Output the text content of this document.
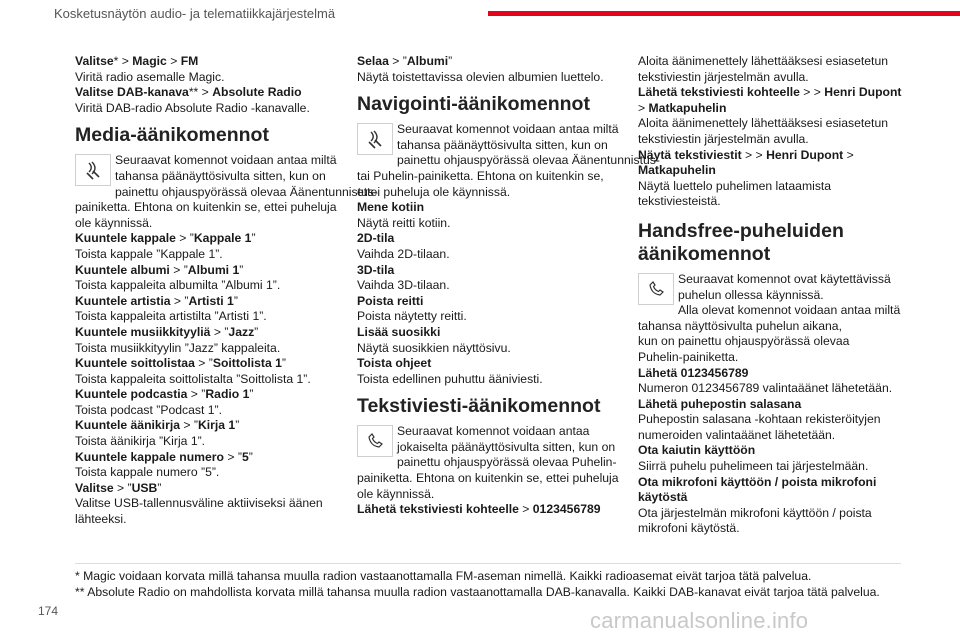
Kosketusnäytön audio- ja telematiikkajärjestelmä
Valitse* > Magic > FM
Viritä radio asemalle Magic.
Valitse DAB-kanava** > Absolute Radio
Viritä DAB-radio Absolute Radio -kanavalle.
Media-äänikomennot
Seuraavat komennot voidaan antaa miltä
tahansa päänäyttösivulta sitten, kun on
painettu ohjauspyörässä olevaa Äänentunnistus-
painiketta. Ehtona on kuitenkin se, ettei puheluja
ole käynnissä.
Kuuntele kappale > ”Kappale 1”
Toista kappale ”Kappale 1”.
Kuuntele albumi > ”Albumi 1”
Toista kappaleita albumilta ”Albumi 1”.
Kuuntele artistia > ”Artisti 1”
Toista kappaleita artistilta ”Artisti 1”.
Kuuntele musiikkityyliä > ”Jazz”
Toista musiikkityylin ”Jazz” kappaleita.
Kuuntele soittolistaa > ”Soittolista 1”
Toista kappaleita soittolistalta ”Soittolista 1”.
Kuuntele podcastia > ”Radio 1”
Toista podcast ”Podcast 1”.
Kuuntele äänikirja > ”Kirja 1”
Toista äänikirja ”Kirja 1”.
Kuuntele kappale numero > ”5”
Toista kappale numero ”5”.
Valitse > ”USB”
Valitse USB-tallennusväline aktiiviseksi äänen
lähteeksi.
Selaa > ”Albumi”
Näytä toistettavissa olevien albumien luettelo.
Navigointi-äänikomennot
Seuraavat komennot voidaan antaa miltä
tahansa päänäyttösivulta sitten, kun on
painettu ohjauspyörässä olevaa Äänentunnistus-
tai Puhelin-painiketta. Ehtona on kuitenkin se,
ettei puheluja ole käynnissä.
Mene kotiin
Näytä reitti kotiin.
2D-tila
Vaihda 2D-tilaan.
3D-tila
Vaihda 3D-tilaan.
Poista reitti
Poista näytetty reitti.
Lisää suosikki
Näytä suosikkien näyttösivu.
Toista ohjeet
Toista edellinen puhuttu ääniviesti.
Tekstiviesti-äänikomennot
Seuraavat komennot voidaan antaa
jokaiselta päänäyttösivulta sitten, kun on
painettu ohjauspyörässä olevaa Puhelin-
painiketta. Ehtona on kuitenkin se, ettei puheluja
ole käynnissä.
Lähetä tekstiviesti kohteelle > 0123456789
Aloita äänimenettely lähettääksesi esiasetetun
tekstiviestin järjestelmän avulla.
Lähetä tekstiviesti kohteelle > > Henri Dupont
> Matkapuhelin
Aloita äänimenettely lähettääksesi esiasetetun
tekstiviestin järjestelmän avulla.
Näytä tekstiviestit > > Henri Dupont >
Matkapuhelin
Näytä luettelo puhelimen lataamista
tekstiviesteistä.
Handsfree-puheluiden
äänikomennot
Seuraavat komennot ovat käytettävissä
puhelun ollessa käynnissä.
Alla olevat komennot voidaan antaa miltä
tahansa näyttösivulta puhelun aikana,
kun on painettu ohjauspyörässä olevaa
Puhelin-painiketta.
Lähetä 0123456789
Numeron 0123456789 valintaäänet lähetetään.
Lähetä puhepostin salasana
Puhepostin salasana -kohtaan rekisteröityjen
numeroiden valintaäänet lähetetään.
Ota kaiutin käyttöön
Siirrä puhelu puhelimeen tai järjestelmään.
Ota mikrofoni käyttöön / poista mikrofoni
käytöstä
Ota järjestelmän mikrofoni käyttöön / poista
mikrofoni käytöstä.
* Magic voidaan korvata millä tahansa muulla radion vastaanottamalla FM-aseman nimellä. Kaikki radioasemat eivät tarjoa tätä palvelua.
** Absolute Radio on mahdollista korvata millä tahansa muulla radion vastaanottamalla DAB-kanavalla. Kaikki DAB-kanavat eivät tarjoa tätä palvelua.
174	carmanualsonline.info
